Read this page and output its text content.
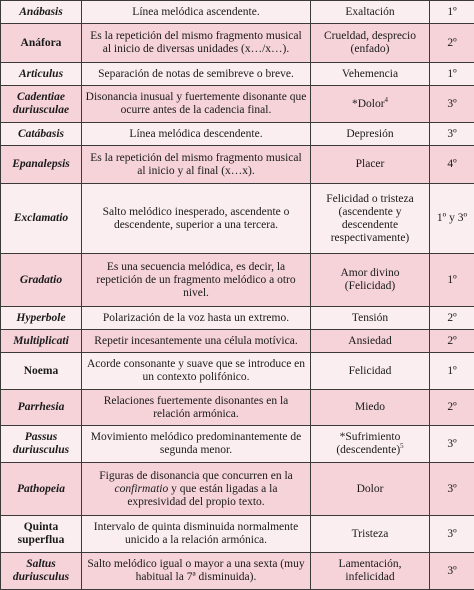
Anábasis	Línea melódica ascendente.	Exaltación	1º

Anáfora	Es la repetición del mismo fragmento musical al inicio de diversas unidades (x…/x…).	Crueldad, desprecio (enfado)	2º

Articulus	Separación de notas de semibreve o breve.	Vehemencia	1º

Cadentiae
duriusculae	Disonancia inusual y fuertemente disonante que ocurre antes de la cadencia final.	*Dolor$^4$	3º

Catábasis	Línea melódica descendente.	Depresión	3º

Epanalepsis	Es la repetición del mismo fragmento musical al inicio y al final (x…x).	Placer	4º

Exclamatio	Salto melódico inesperado, ascendente o descendente, superior a una tercera.	Felicidad o tristeza (ascendente y descendente respectivamente)	1º y 3º

Gradatio	Es una secuencia melódica, es decir, la repetición de un fragmento melódico a otro nivel.	Amor divino (Felicidad)	1º

Hyperbole	Polarización de la voz hasta un extremo.	Tensión	2º

Multiplicati	Repetir incesantemente una célula motívica.	Ansiedad	2º

Noema	Acorde consonante y suave que se introduce en un contexto polifónico.	Felicidad	1º

Parrhesia	Relaciones fuertemente disonantes en la relación armónica.	Miedo	2º

Passus
duriusculus	Movimiento melódico predominantemente de segunda menor.	*Sufrimiento (descendente)$^5$	3º

Pathopeia	Figuras de disonancia que concurren en la confirmatio y que están ligadas a la expresividad del propio texto.	Dolor	3º

Quinta
superflua	Intervalo de quinta disminuida normalmente unicido a la relación armónica.	Tristeza	3º

Saltus
duriusculus	Salto melódico igual o mayor a una sexta (muy habitual la 7ª disminuida).	Lamentación, infelicidad	3º
